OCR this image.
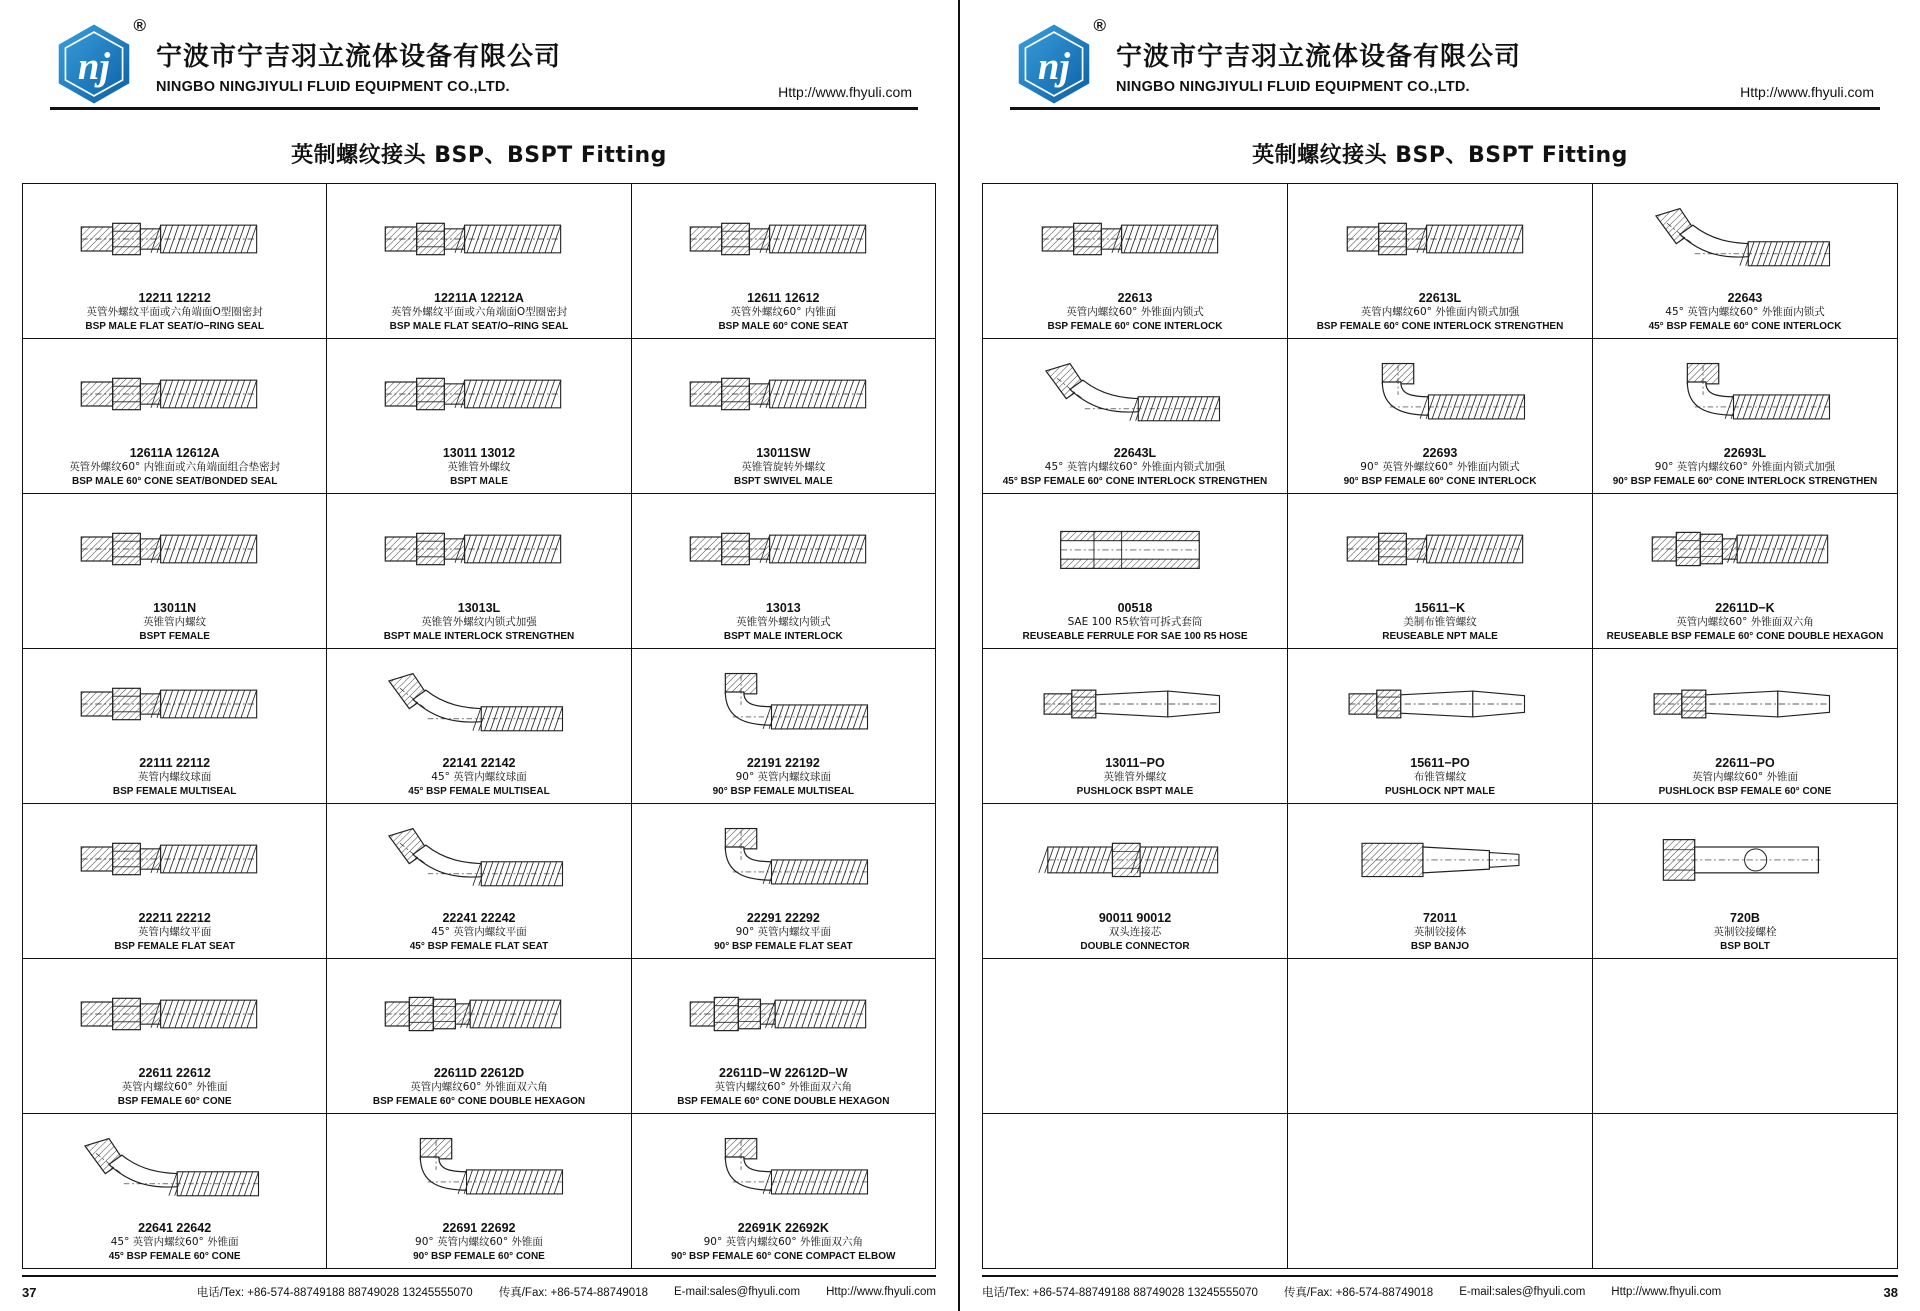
nj
®
宁波市宁吉羽立流体设备有限公司
NINGBO NINGJIYULI FLUID EQUIPMENT CO.,LTD.	Http://www.fhyuli.com
英制螺纹接头 BSP、BSPT Fitting
12211 12212
英管外螺纹平面或六角端面O型圈密封
BSP MALE FLAT SEAT/O−RING SEAL
12211A 12212A
英管外螺纹平面或六角端面O型圈密封
BSP MALE FLAT SEAT/O−RING SEAL
12611 12612
英管外螺纹60° 内锥面
BSP MALE 60° CONE SEAT
12611A 12612A
英管外螺纹60° 内锥面或六角端面组合垫密封
BSP MALE 60° CONE SEAT/BONDED SEAL
13011 13012
英锥管外螺纹
BSPT MALE
13011SW
英锥管旋转外螺纹
BSPT SWIVEL MALE
13011N
英锥管内螺纹
BSPT FEMALE
13013L
英锥管外螺纹内锁式加强
BSPT MALE INTERLOCK STRENGTHEN
13013
英锥管外螺纹内锁式
BSPT MALE INTERLOCK
22111 22112
英管内螺纹球面
BSP FEMALE MULTISEAL
22141 22142
45° 英管内螺纹球面
45° BSP FEMALE MULTISEAL
22191 22192
90° 英管内螺纹球面
90° BSP FEMALE MULTISEAL
22211 22212
英管内螺纹平面
BSP FEMALE FLAT SEAT
22241 22242
45° 英管内螺纹平面
45° BSP FEMALE FLAT SEAT
22291 22292
90° 英管内螺纹平面
90° BSP FEMALE FLAT SEAT
22611 22612
英管内螺纹60° 外锥面
BSP FEMALE 60° CONE
22611D 22612D
英管内螺纹60° 外锥面双六角
BSP FEMALE 60° CONE DOUBLE HEXAGON
22611D−W 22612D−W
英管内螺纹60° 外锥面双六角
BSP FEMALE 60° CONE DOUBLE HEXAGON
22641 22642
45° 英管内螺纹60° 外锥面
45° BSP FEMALE 60° CONE
22691 22692
90° 英管内螺纹60° 外锥面
90° BSP FEMALE 60° CONE
22691K 22692K
90° 英管内螺纹60° 外锥面双六角
90° BSP FEMALE 60° CONE COMPACT ELBOW
37	电话/Tex: +86-574-88749188 88749028 13245555070 传真/Fax: +86-574-88749018 E-mail:sales@fhyuli.com Http://www.fhyuli.com
nj
®
宁波市宁吉羽立流体设备有限公司
NINGBO NINGJIYULI FLUID EQUIPMENT CO.,LTD.	Http://www.fhyuli.com
英制螺纹接头 BSP、BSPT Fitting
22613
英管内螺纹60° 外锥面内锁式
BSP FEMALE 60° CONE INTERLOCK
22613L
英管内螺纹60° 外锥面内锁式加强
BSP FEMALE 60° CONE INTERLOCK STRENGTHEN
22643
45° 英管内螺纹60° 外锥面内锁式
45° BSP FEMALE 60° CONE INTERLOCK
22643L
45° 英管内螺纹60° 外锥面内锁式加强
45° BSP FEMALE 60° CONE INTERLOCK STRENGTHEN
22693
90° 英管外螺纹60° 外锥面内锁式
90° BSP FEMALE 60° CONE INTERLOCK
22693L
90° 英管内螺纹60° 外锥面内锁式加强
90° BSP FEMALE 60° CONE INTERLOCK STRENGTHEN
00518
SAE 100 R5软管可拆式套筒
REUSEABLE FERRULE FOR SAE 100 R5 HOSE
15611−K
美制布锥管螺纹
REUSEABLE NPT MALE
22611D−K
英管内螺纹60° 外锥面双六角
REUSEABLE BSP FEMALE 60° CONE DOUBLE HEXAGON
13011−PO
英锥管外螺纹
PUSHLOCK BSPT MALE
15611−PO
布锥管螺纹
PUSHLOCK NPT MALE
22611−PO
英管内螺纹60° 外锥面
PUSHLOCK BSP FEMALE 60° CONE
90011 90012
双头连接芯
DOUBLE CONNECTOR
72011
英制铰接体
BSP BANJO
720B
英制铰接螺栓
BSP BOLT
电话/Tex: +86-574-88749188 88749028 13245555070 传真/Fax: +86-574-88749018 E-mail:sales@fhyuli.com Http://www.fhyuli.com	38
